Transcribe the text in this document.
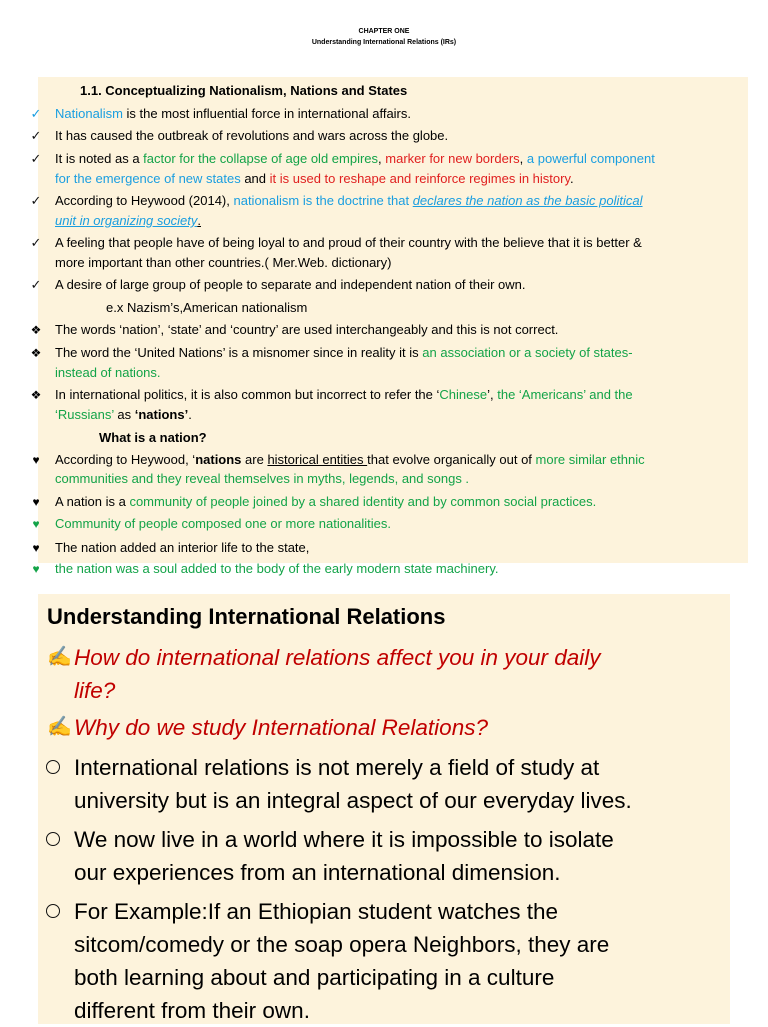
CHAPTER ONE
Understanding International Relations (IRs)
1.1. Conceptualizing Nationalism, Nations and States
✓ Nationalism is the most influential force in international affairs.
✓ It has caused the outbreak of revolutions and wars across the globe.
✓ It is noted as a factor for the collapse of age old empires, marker for new borders, a powerful component
for the emergence of new states and it is used to reshape and reinforce regimes in history.
✓ According to Heywood (2014), nationalism is the doctrine that declares the nation as the basic political
unit in organizing society.
✓ A feeling that people have of being loyal to and proud of their country with the believe that it is better &
more important than other countries.( Mer.Web. dictionary)
✓ A desire of large group of people to separate and independent nation of their own.
e.x Nazism’s,American nationalism
❖ The words ‘nation’, ‘state’ and ‘country’ are used interchangeably and this is not correct.
❖ The word the ‘United Nations’ is a misnomer since in reality it is an association or a society of states-
instead of nations.
❖ In international politics, it is also common but incorrect to refer the ‘Chinese’, the ‘Americans’ and the
‘Russians’ as ‘nations’.
What is a nation?
♥	According to Heywood, ‘nations are historical entities that evolve organically out of more similar ethnic
communities and they reveal themselves in myths, legends, and songs .
♥	A nation is a community of people joined by a shared identity and by common social practices.
♥	Community of people composed one or more nationalities.
♥	The nation added an interior life to the state,
♥	the nation was a soul added to the body of the early modern state machinery.
Understanding International Relations
✍ How do international relations affect you in your daily
life?
✍ Why do we study International Relations?
International relations is not merely a field of study at
university but is an integral aspect of our everyday lives.
We now live in a world where it is impossible to isolate
our experiences from an international dimension.
For Example:If an Ethiopian student watches the
sitcom/comedy or the soap opera Neighbors, they are
both learning about and participating in a culture
different from their own.
